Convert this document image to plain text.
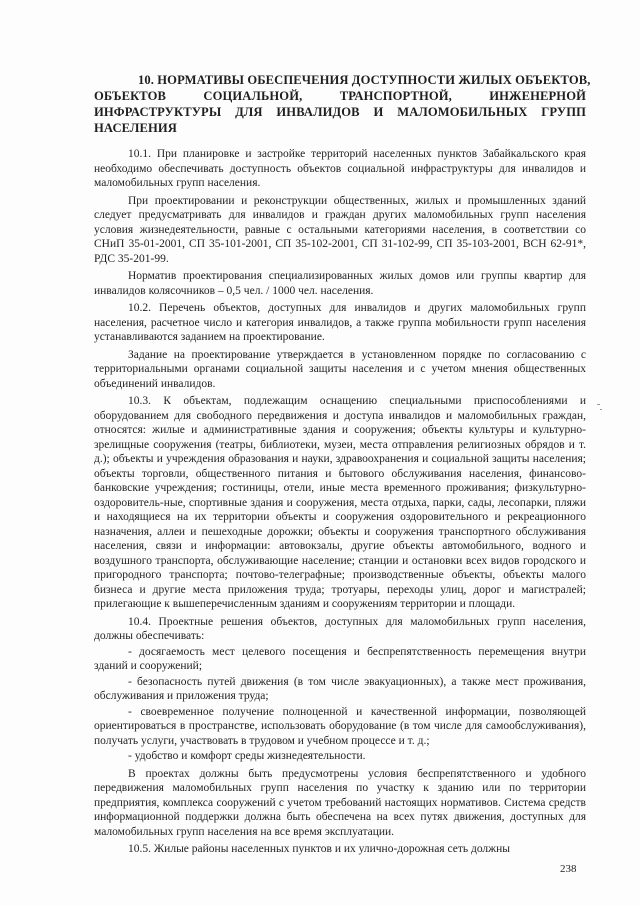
10. НОРМАТИВЫ ОБЕСПЕЧЕНИЯ ДОСТУПНОСТИ ЖИЛЫХ ОБЪЕКТОВ,
ОБЪЕКТОВ СОЦИАЛЬНОЙ, ТРАНСПОРТНОЙ, ИНЖЕНЕРНОЙ
ИНФРАСТРУКТУРЫ ДЛЯ ИНВАЛИДОВ И МАЛОМОБИЛЬНЫХ ГРУПП
НАСЕЛЕНИЯ

10.1. При планировке и застройке территорий населенных пунктов Забайкальского края необходимо обеспечивать доступность объектов социальной инфраструктуры для инвалидов и маломобильных групп населения.

При проектировании и реконструкции общественных, жилых и промышленных зданий следует предусматривать для инвалидов и граждан других маломобильных групп населения условия жизнедеятельности, равные с остальными категориями населения, в соответствии со СНиП 35-01-2001, СП 35-101-2001, СП 35-102-2001, СП 31-102-99, СП 35-103-2001, ВСН 62-91*, РДС 35-201-99.

Норматив проектирования специализированных жилых домов или группы квартир для инвалидов колясочников – 0,5 чел. / 1000 чел. населения.

10.2. Перечень объектов, доступных для инвалидов и других маломобильных групп населения, расчетное число и категория инвалидов, а также группа мобильности групп населения устанавливаются заданием на проектирование.

Задание на проектирование утверждается в установленном порядке по согласованию с территориальными органами социальной защиты населения и с учетом мнения общественных объединений инвалидов.

10.3. К объектам, подлежащим оснащению специальными приспособлениями и оборудованием для свободного передвижения и доступа инвалидов и маломобильных граждан, относятся: жилые и административные здания и сооружения; объекты культуры и культурно-зрелищные сооружения (театры, библиотеки, музеи, места отправления религиозных обрядов и т. д.); объекты и учреждения образования и науки, здравоохранения и социальной защиты населения; объекты торговли, общественного питания и бытового обслуживания населения, финансово-банковские учреждения; гостиницы, отели, иные места временного проживания; физкультурно-оздоровитель-ные, спортивные здания и сооружения, места отдыха, парки, сады, лесопарки, пляжи и находящиеся на их территории объекты и сооружения оздоровительного и рекреационного назначения, аллеи и пешеходные дорожки; объекты и сооружения транспортного обслуживания населения, связи и информации: автовокзалы, другие объекты автомобильного, водного и воздушного транспорта, обслуживающие население; станции и остановки всех видов городского и пригородного транспорта; почтово-телеграфные; производственные объекты, объекты малого бизнеса и другие места приложения труда; тротуары, переходы улиц, дорог и магистралей; прилегающие к вышеперечисленным зданиям и сооружениям территории и площади.

10.4. Проектные решения объектов, доступных для маломобильных групп населения, должны обеспечивать:

- досягаемость мест целевого посещения и беспрепятственность перемещения внутри зданий и сооружений;

- безопасность путей движения (в том числе эвакуационных), а также мест проживания, обслуживания и приложения труда;

- своевременное получение полноценной и качественной информации, позволяющей ориентироваться в пространстве, использовать оборудование (в том числе для самообслуживания), получать услуги, участвовать в трудовом и учебном процессе и т. д.;

- удобство и комфорт среды жизнедеятельности.

В проектах должны быть предусмотрены условия беспрепятственного и удобного передвижения маломобильных групп населения по участку к зданию или по территории предприятия, комплекса сооружений с учетом требований настоящих нормативов. Система средств информационной поддержки должна быть обеспечена на всех путях движения, доступных для маломобильных групп населения на все время эксплуатации.

10.5. Жилые районы населенных пунктов и их улично-дорожная сеть должны

238
